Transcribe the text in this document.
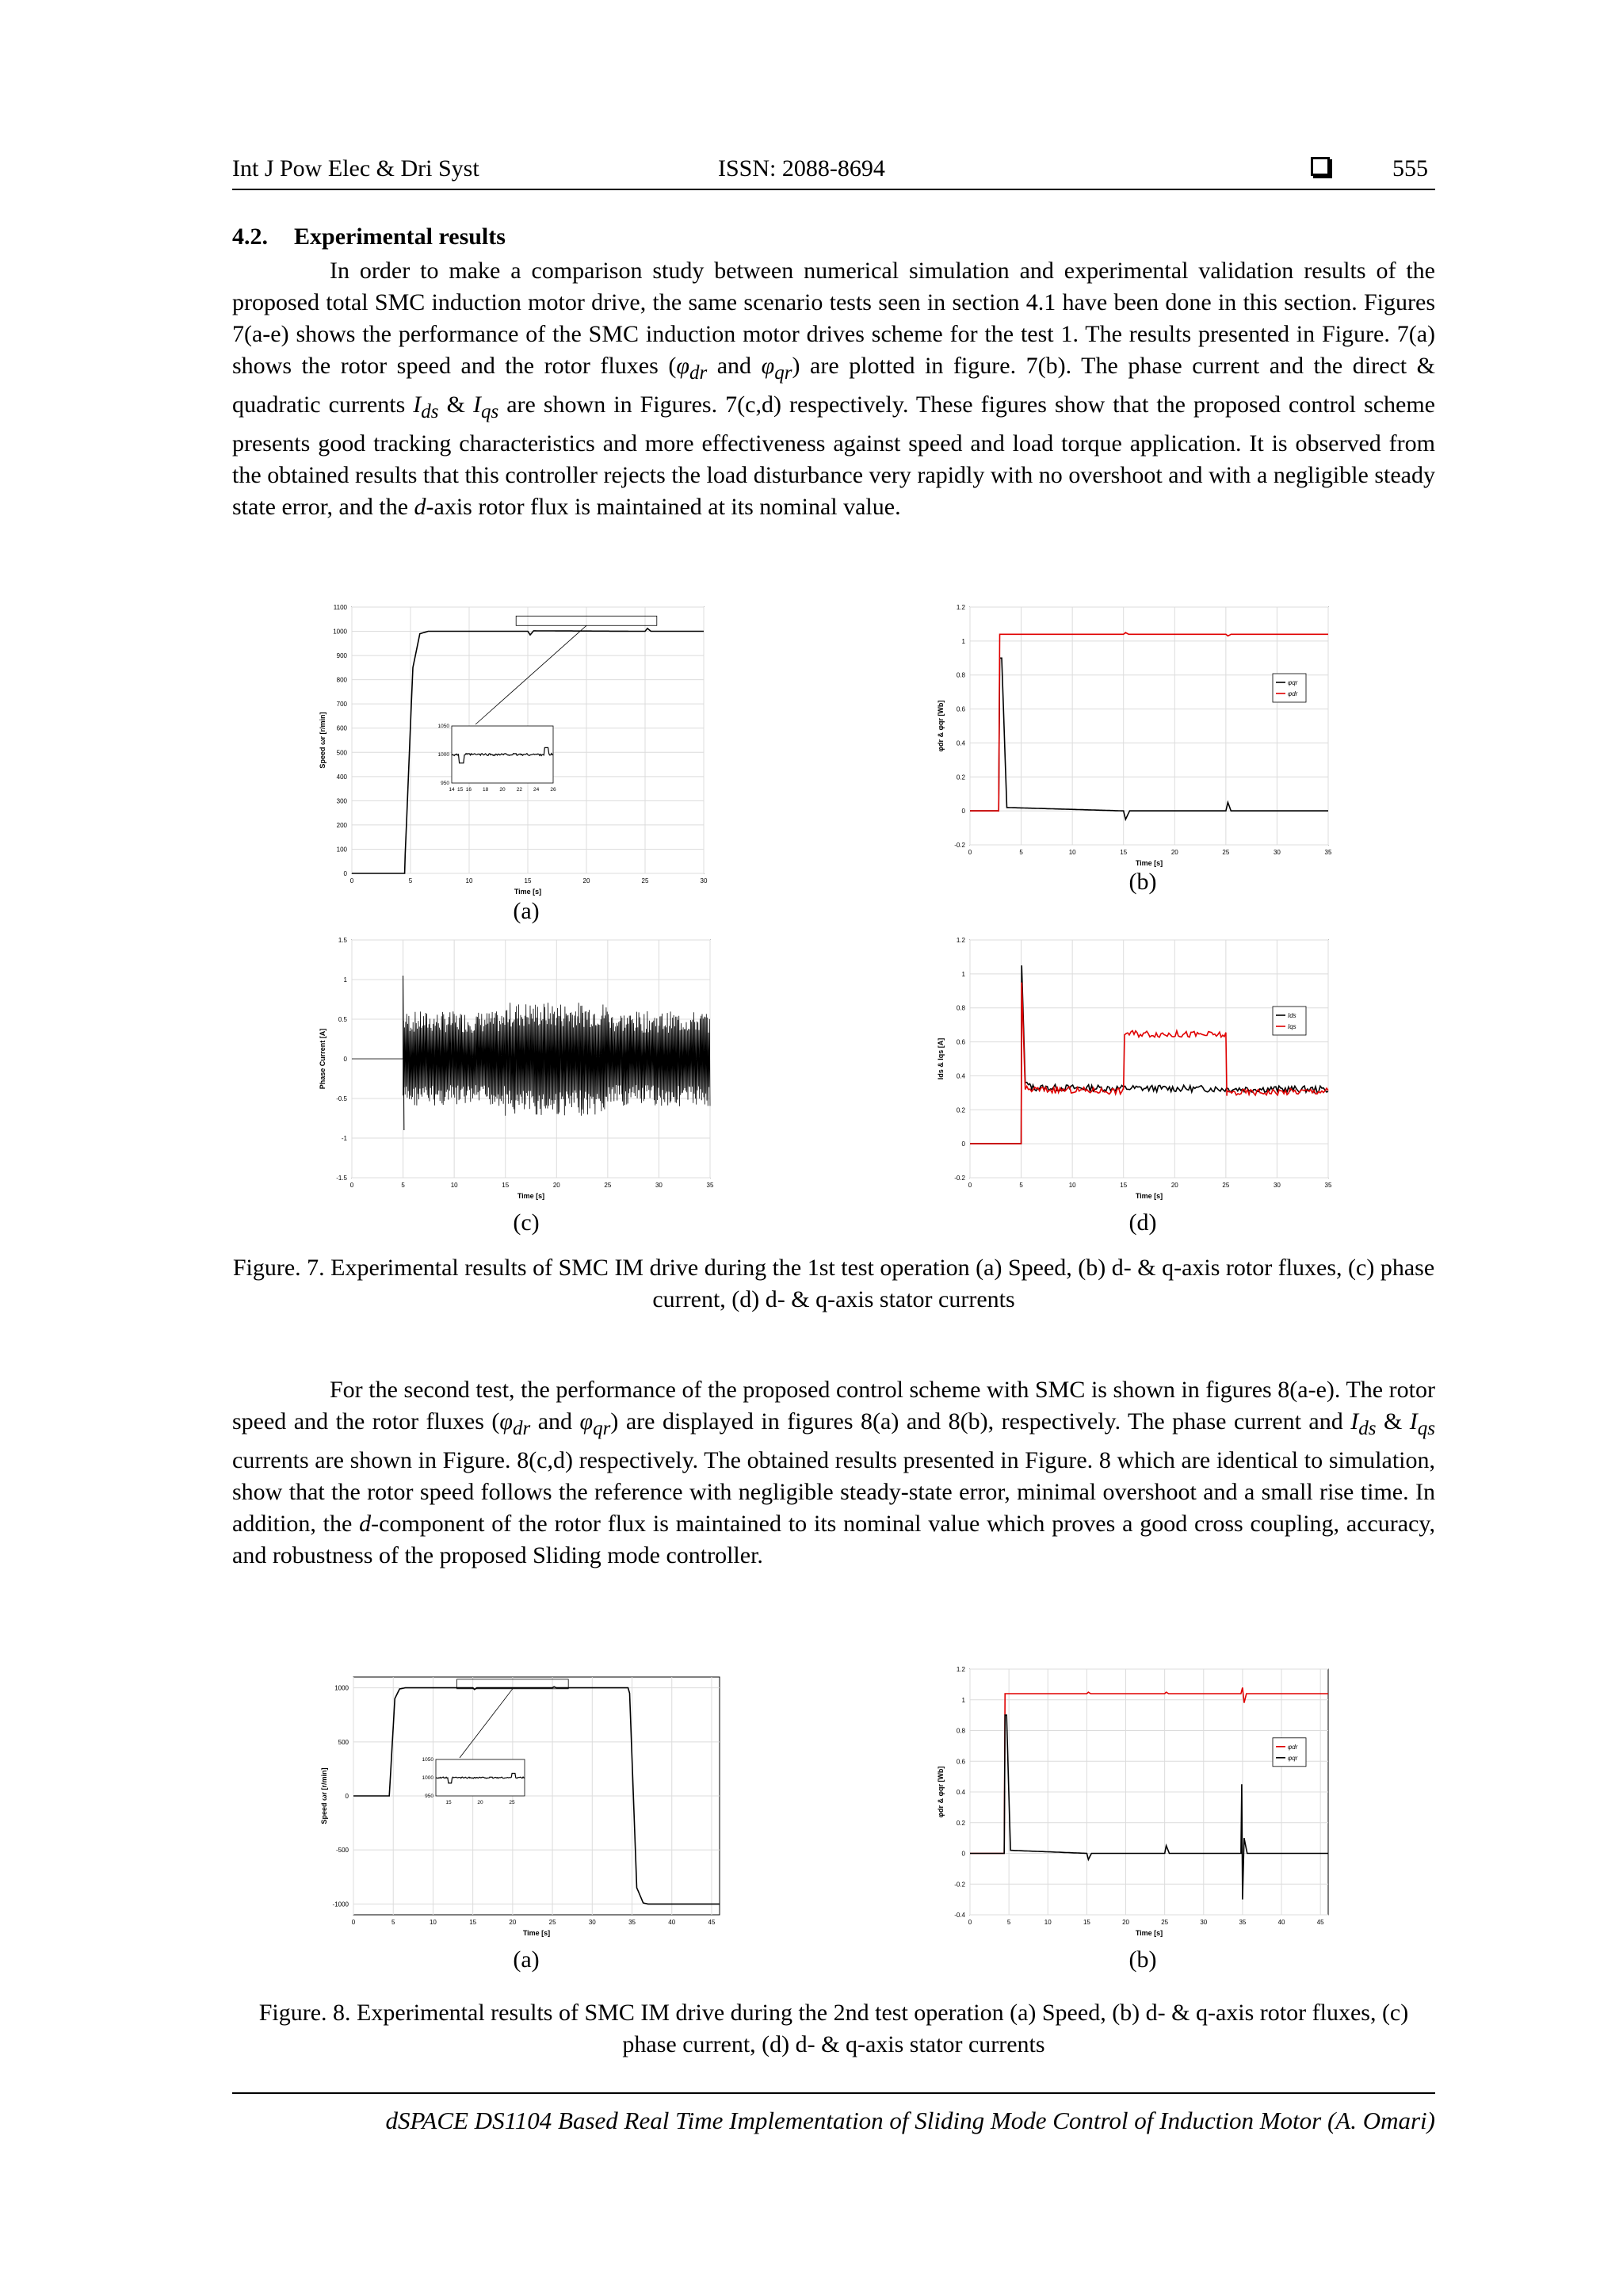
Int J Pow Elec & Dri Syst	ISSN: 2088-8694	555
4.2. Experimental results

In order to make a comparison study between numerical simulation and experimental validation results of the proposed total SMC induction motor drive, the same scenario tests seen in section 4.1 have been done in this section. Figures 7(a-e) shows the performance of the SMC induction motor drives scheme for the test 1. The results presented in Figure. 7(a) shows the rotor speed and the rotor fluxes ($\varphi_{dr}$ and $\varphi_{qr}$) are plotted in figure. 7(b). The phase current and the direct & quadratic currents $I_{ds}$ & $I_{qs}$ are shown in Figures. 7(c,d) respectively. These figures show that the proposed control scheme presents good tracking characteristics and more effectiveness against speed and load torque application. It is observed from the obtained results that this controller rejects the load disturbance very rapidly with no overshoot and with a negligible steady state error, and the d-axis rotor flux is maintained at its nominal value.

0	5	10	15	20	25	30
0
100
200
300
400
500
600
700
800
900
1000
1100
Time [s]
Speed ωr [r/min]
14 15 16 18 20 22 24 26
950
1000
1050
0	5	10	15	20	25	30	35
-0.2
0
0.2
0.4
0.6
0.8
1
1.2
Time [s]
φdr & φqr [Wb]
φqr
φdr
0	5	10	15	20	25	30	35
-1.5
-1
-0.5
0
0.5
1
1.5
Time [s]
Phase Current [A]
0	5	10	15	20	25	30	35
-0.2
0
0.2
0.4
0.6
0.8
1
1.2
Time [s]
Ids & Iqs [A]
Ids
Iqs
(a)
(b)
(c)	(d)

Figure. 7. Experimental results of SMC IM drive during the 1st test operation (a) Speed, (b) d- & q-axis rotor fluxes, (c) phase current, (d) d- & q-axis stator currents

For the second test, the performance of the proposed control scheme with SMC is shown in figures 8(a-e). The rotor speed and the rotor fluxes ($\varphi_{dr}$ and $\varphi_{qr}$) are displayed in figures 8(a) and 8(b), respectively. The phase current and $I_{ds}$ & $I_{qs}$ currents are shown in Figure. 8(c,d) respectively. The obtained results presented in Figure. 8 which are identical to simulation, show that the rotor speed follows the reference with negligible steady-state error, minimal overshoot and a small rise time. In addition, the d-component of the rotor flux is maintained to its nominal value which proves a good cross coupling, accuracy, and robustness of the proposed Sliding mode controller.

0	5	10	15	20	25	30	35	40	45
-1000
-500
0
500
1000
Time [s]
Speed ωr [r/min]	15	20	25
950
1000
1050
0	5	10	15	20	25	30	35	40	45
-0.4
-0.2
0
0.2
0.4
0.6
0.8
1
1.2
Time [s]
φdr & φqr [Wb]
φdr
φqr
(a)	(b)

Figure. 8. Experimental results of SMC IM drive during the 2nd test operation (a) Speed, (b) d- & q-axis rotor fluxes, (c) phase current, (d) d- & q-axis stator currents

dSPACE DS1104 Based Real Time Implementation of Sliding Mode Control of Induction Motor (A. Omari)
